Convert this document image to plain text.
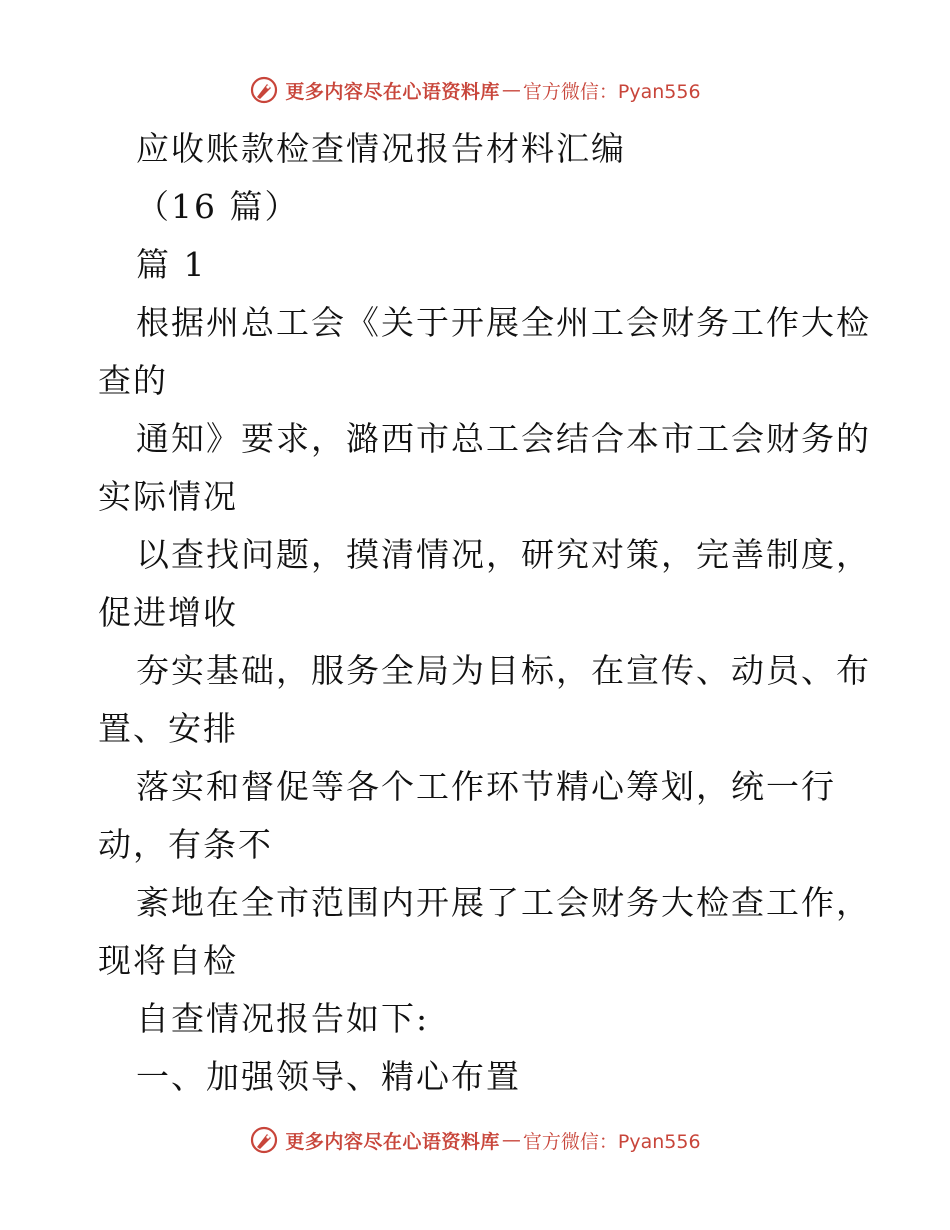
更多内容尽在心语资料库 — 官方微信：Pyan556
应收账款检查情况报告材料汇编
（16 篇）
篇 1
根据州总工会《关于开展全州工会财务工作大检
查的
通知》要求，潞西市总工会结合本市工会财务的
实际情况
以查找问题，摸清情况，研究对策，完善制度，
促进增收
夯实基础，服务全局为目标，在宣传、动员、布
置、安排
落实和督促等各个工作环节精心筹划，统一行
动，有条不
紊地在全市范围内开展了工会财务大检查工作，
现将自检
自查情况报告如下:
一、加强领导、精心布置
更多内容尽在心语资料库 — 官方微信：Pyan556
